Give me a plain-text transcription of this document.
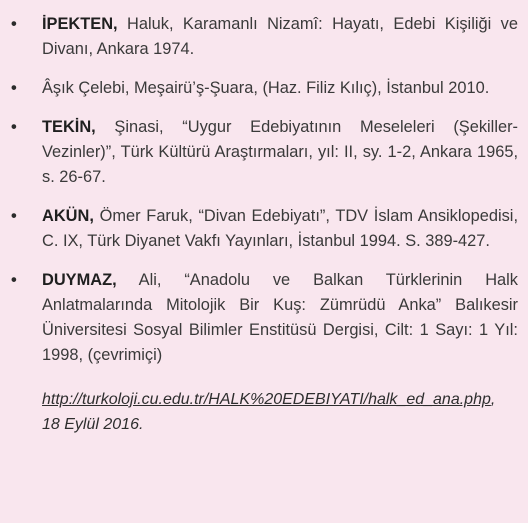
• İPEKTEN, Haluk, Karamanlı Nizamî: Hayatı, Edebi Kişiliği ve Divanı, Ankara 1974.
• Âşık Çelebi, Meşairü’ş-Şuara, (Haz. Filiz Kılıç), İstanbul 2010.
• TEKİN, Şinasi, “Uygur Edebiyatının Meseleleri (Şekiller-Vezinler)”, Türk Kültürü Araştırmaları, yıl: II, sy. 1-2, Ankara 1965, s. 26-67.
• AKÜN, Ömer Faruk, “Divan Edebiyatı”, TDV İslam Ansiklopedisi, C. IX, Türk Diyanet Vakfı Yayınları, İstanbul 1994. S. 389-427.
• DUYMAZ, Ali, “Anadolu ve Balkan Türklerinin Halk Anlatmalarında Mitolojik Bir Kuş: Zümrüdü Anka” Balıkesir Üniversitesi Sosyal Bilimler Enstitüsü Dergisi, Cilt: 1 Sayı: 1 Yıl: 1998, (çevrimiçi)
http://turkoloji.cu.edu.tr/HALK%20EDEBIYATI/halk_ed_ana.php,
18 Eylül 2016.
